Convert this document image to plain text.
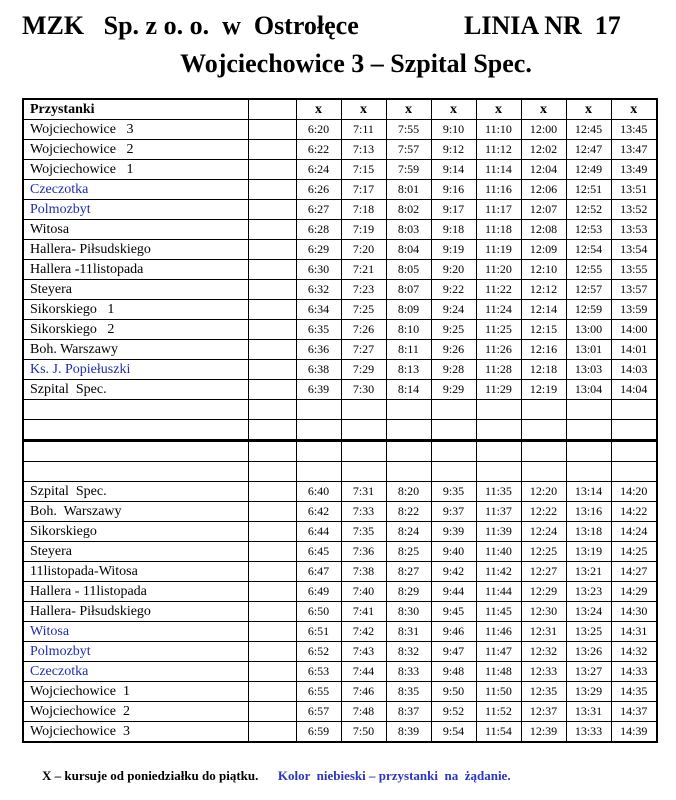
MZK   Sp. z o. o.  w  Ostrołęce	LINIA NR  17
Wojciechowice 3 – Szpital Spec.
Przystanki		x	x	x	x	x	x	x	x
Wojciechowice   3		6:20	7:11	7:55	9:10	11:10	12:00	12:45	13:45
Wojciechowice   2		6:22	7:13	7:57	9:12	11:12	12:02	12:47	13:47
Wojciechowice   1		6:24	7:15	7:59	9:14	11:14	12:04	12:49	13:49
Czeczotka		6:26	7:17	8:01	9:16	11:16	12:06	12:51	13:51
Polmozbyt		6:27	7:18	8:02	9:17	11:17	12:07	12:52	13:52
Witosa		6:28	7:19	8:03	9:18	11:18	12:08	12:53	13:53
Hallera- Piłsudskiego		6:29	7:20	8:04	9:19	11:19	12:09	12:54	13:54
Hallera -11listopada		6:30	7:21	8:05	9:20	11:20	12:10	12:55	13:55
Steyera		6:32	7:23	8:07	9:22	11:22	12:12	12:57	13:57
Sikorskiego   1		6:34	7:25	8:09	9:24	11:24	12:14	12:59	13:59
Sikorskiego   2		6:35	7:26	8:10	9:25	11:25	12:15	13:00	14:00
Boh. Warszawy		6:36	7:27	8:11	9:26	11:26	12:16	13:01	14:01
Ks. J. Popiełuszki		6:38	7:29	8:13	9:28	11:28	12:18	13:03	14:03
Szpital  Spec.		6:39	7:30	8:14	9:29	11:29	12:19	13:04	14:04

Szpital  Spec.		6:40	7:31	8:20	9:35	11:35	12:20	13:14	14:20
Boh.  Warszawy		6:42	7:33	8:22	9:37	11:37	12:22	13:16	14:22
Sikorskiego		6:44	7:35	8:24	9:39	11:39	12:24	13:18	14:24
Steyera		6:45	7:36	8:25	9:40	11:40	12:25	13:19	14:25
11listopada-Witosa		6:47	7:38	8:27	9:42	11:42	12:27	13:21	14:27
Hallera - 11listopada		6:49	7:40	8:29	9:44	11:44	12:29	13:23	14:29
Hallera- Piłsudskiego		6:50	7:41	8:30	9:45	11:45	12:30	13:24	14:30
Witosa		6:51	7:42	8:31	9:46	11:46	12:31	13:25	14:31
Polmozbyt		6:52	7:43	8:32	9:47	11:47	12:32	13:26	14:32
Czeczotka		6:53	7:44	8:33	9:48	11:48	12:33	13:27	14:33
Wojciechowice  1		6:55	7:46	8:35	9:50	11:50	12:35	13:29	14:35
Wojciechowice  2		6:57	7:48	8:37	9:52	11:52	12:37	13:31	14:37
Wojciechowice  3		6:59	7:50	8:39	9:54	11:54	12:39	13:33	14:39
X – kursuje od poniedziałku do piątku. Kolor  niebieski – przystanki  na  żądanie.
